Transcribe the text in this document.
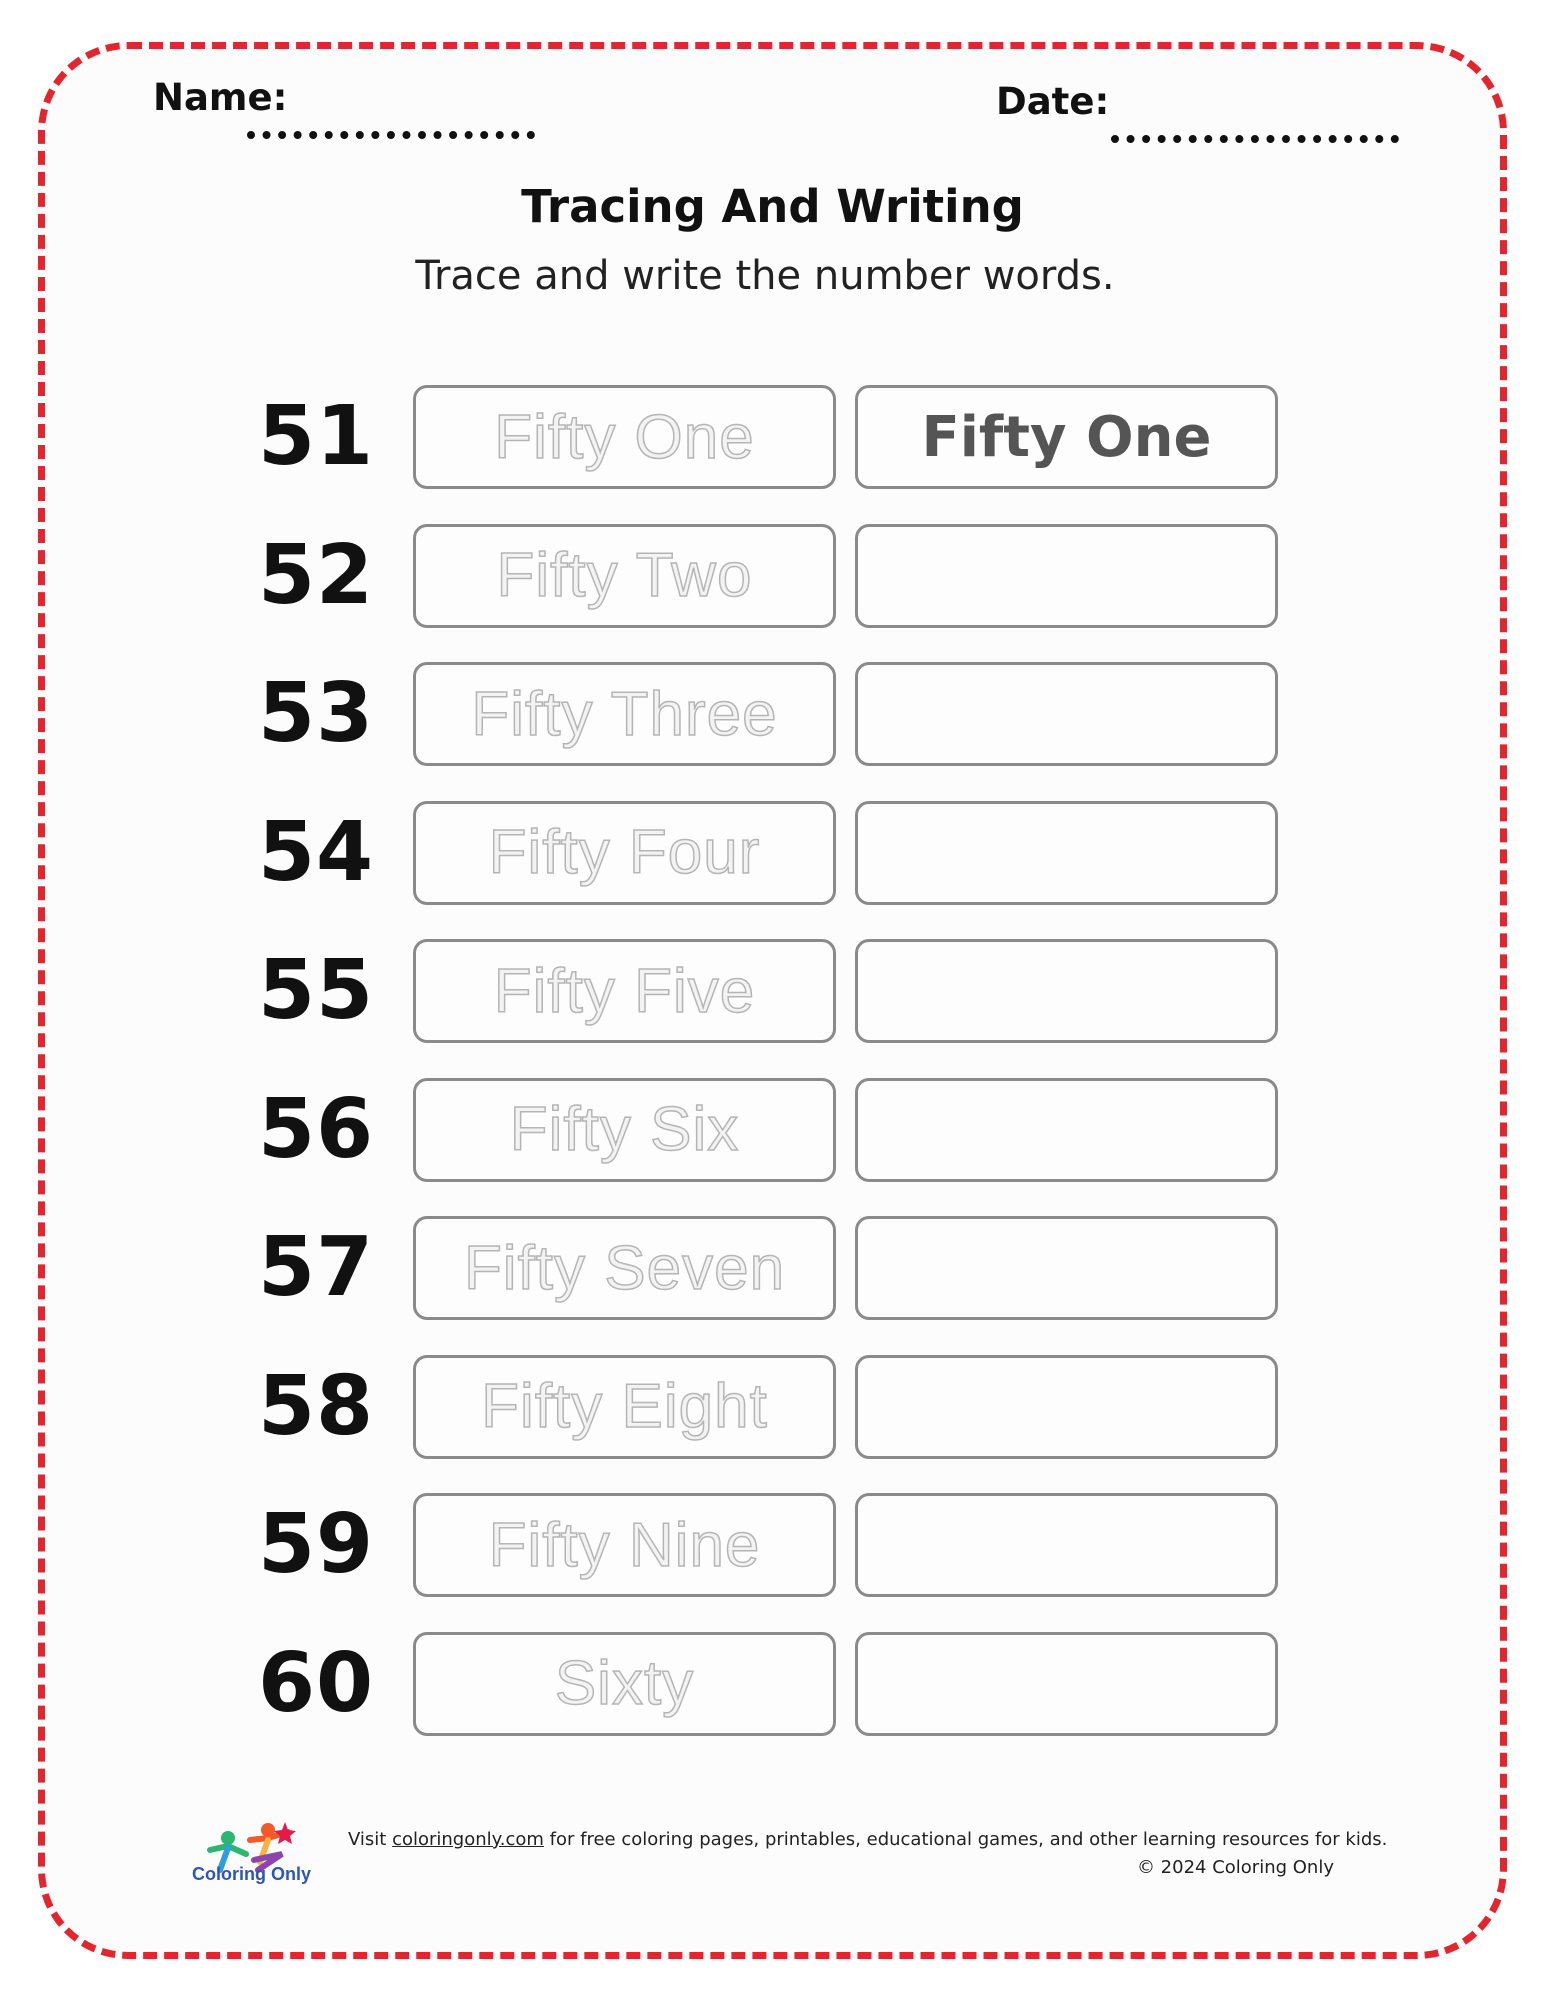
Name:	Date:
Tracing And Writing
Trace and write the number words.
51 Fifty One	Fifty One
52 Fifty Two
53 Fifty Three
54 Fifty Four
55 Fifty Five
56 Fifty Six
57 Fifty Seven
58 Fifty Eight
59 Fifty Nine
60	Sixty
Coloring Only
Visit coloringonly.com for free coloring pages, printables, educational games, and other learning resources for kids.
© 2024 Coloring Only
